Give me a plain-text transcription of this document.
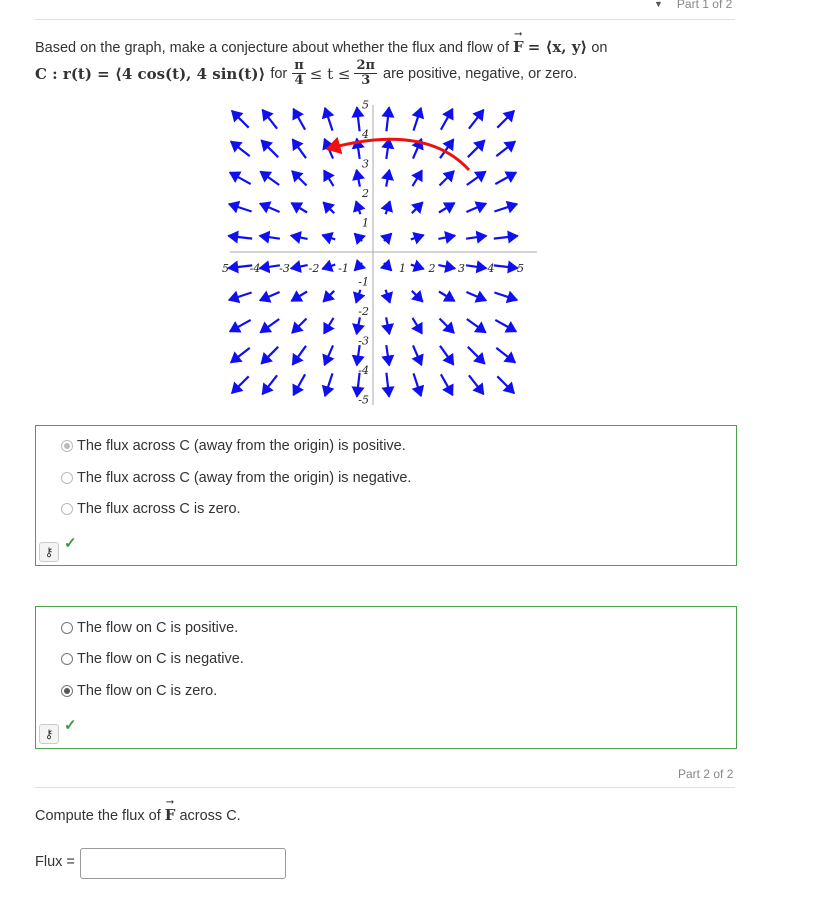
▼ Part 1 of 2
Based on the graph, make a conjecture about whether the flux and flow of F
→
= ⟨x, y⟩ on
C : r(t) = ⟨4 cos(t), 4 sin(t)⟩ for $\frac{\pi}{4} \le t \le \frac{2\pi}{3}$ are positive, negative, or zero.
5 -4 -3 -2 -1	1 2 3 4 5
5
4
3
2
1
-1
-2
-3
-4
-5
The flux across C (away from the origin) is positive.
The flux across C (away from the origin) is negative.
The flux across C is zero.
⚷ ✓
The flow on C is positive.
The flow on C is negative.
The flow on C is zero.
⚷ ✓
Part 2 of 2
Compute the flux of F
→
across C.
Flux =
